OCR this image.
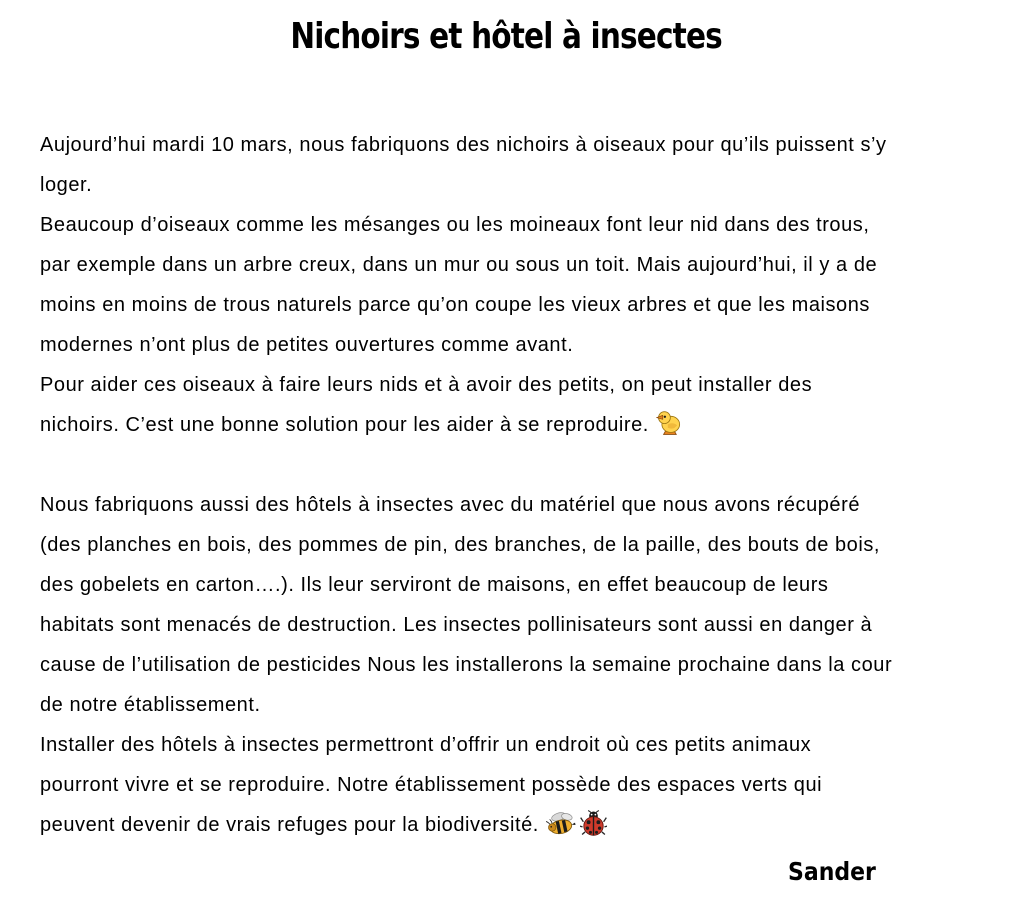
Nichoirs et hôtel à insectes
Aujourd’hui mardi 10 mars, nous fabriquons des nichoirs à oiseaux pour qu’ils puissent s’y
loger.
Beaucoup d’oiseaux comme les mésanges ou les moineaux font leur nid dans des trous,
par exemple dans un arbre creux, dans un mur ou sous un toit. Mais aujourd’hui, il y a de
moins en moins de trous naturels parce qu’on coupe les vieux arbres et que les maisons
modernes n’ont plus de petites ouvertures comme avant.
Pour aider ces oiseaux à faire leurs nids et à avoir des petits, on peut installer des
nichoirs. C’est une bonne solution pour les aider à se reproduire.
Nous fabriquons aussi des hôtels à insectes avec du matériel que nous avons récupéré
(des planches en bois, des pommes de pin, des branches, de la paille, des bouts de bois,
des gobelets en carton….). Ils leur serviront de maisons, en effet beaucoup de leurs
habitats sont menacés de destruction. Les insectes pollinisateurs sont aussi en danger à
cause de l’utilisation de pesticides Nous les installerons la semaine prochaine dans la cour
de notre établissement.
Installer des hôtels à insectes permettront d’offrir un endroit où ces petits animaux
pourront vivre et se reproduire. Notre établissement possède des espaces verts qui
peuvent devenir de vrais refuges pour la biodiversité.
Sander
